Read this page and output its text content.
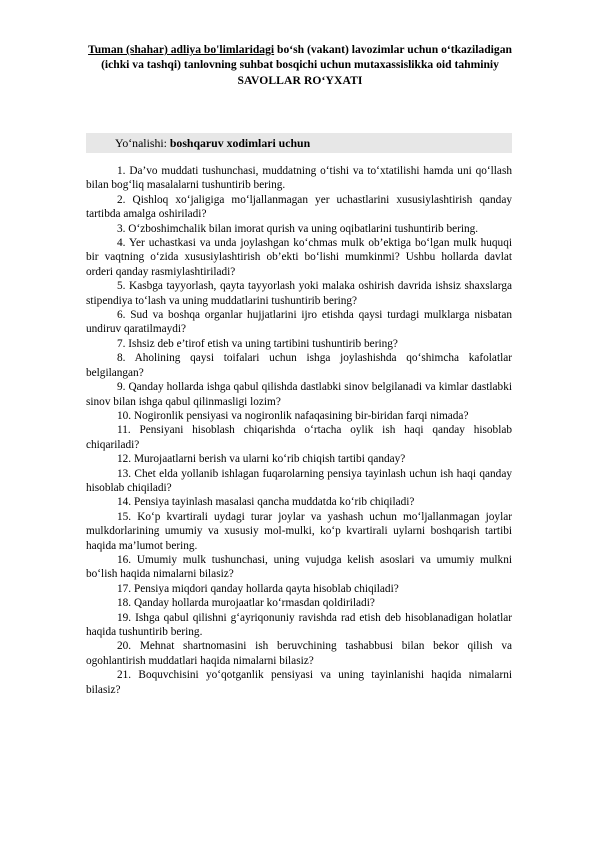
Tuman (shahar) adliya bo'limlaridagi bo‘sh (vakant) lavozimlar uchun o‘tkaziladigan (ichki va tashqi) tanlovning suhbat bosqichi uchun mutaxassislikka oid tahminiy
SAVOLLAR RO‘YXATI
Yo‘nalishi: boshqaruv xodimlari uchun

1. Da’vo muddati tushunchasi, muddatning o‘tishi va to‘xtatilishi hamda uni qo‘llash bilan bog‘liq masalalarni tushuntirib bering.

2. Qishloq xo‘jaligiga mo‘ljallanmagan yer uchastlarini xususiylashtirish qanday tartibda amalga oshiriladi?

3. O‘zboshimchalik bilan imorat qurish va uning oqibatlarini tushuntirib bering.

4. Yer uchastkasi va unda joylashgan ko‘chmas mulk ob’ektiga bo‘lgan mulk huquqi bir vaqtning o‘zida xususiylashtirish ob’ekti bo‘lishi mumkinmi? Ushbu hollarda davlat orderi qanday rasmiylashtiriladi?

5. Kasbga tayyorlash, qayta tayyorlash yoki malaka oshirish davrida ishsiz shaxslarga stipendiya to‘lash va uning muddatlarini tushuntirib bering?

6. Sud va boshqa organlar hujjatlarini ijro etishda qaysi turdagi mulklarga nisbatan undiruv qaratilmaydi?

7. Ishsiz deb e’tirof etish va uning tartibini tushuntirib bering?

8. Aholining qaysi toifalari uchun ishga joylashishda qo‘shimcha kafolatlar belgilangan?

9. Qanday hollarda ishga qabul qilishda dastlabki sinov belgilanadi va kimlar dastlabki sinov bilan ishga qabul qilinmasligi lozim?

10. Nogironlik pensiyasi va nogironlik nafaqasining bir-biridan farqi nimada?

11. Pensiyani hisoblash chiqarishda o‘rtacha oylik ish haqi qanday hisoblab chiqariladi?

12. Murojaatlarni berish va ularni ko‘rib chiqish tartibi qanday?

13. Chet elda yollanib ishlagan fuqarolarning pensiya tayinlash uchun ish haqi qanday hisoblab chiqiladi?

14. Pensiya tayinlash masalasi qancha muddatda ko‘rib chiqiladi?

15. Ko‘p kvartirali uydagi turar joylar va yashash uchun mo‘ljallanmagan joylar mulkdorlarining umumiy va xususiy mol-mulki, ko‘p kvartirali uylarni boshqarish tartibi haqida ma’lumot bering.

16. Umumiy mulk tushunchasi, uning vujudga kelish asoslari va umumiy mulkni bo‘lish haqida nimalarni bilasiz?

17. Pensiya miqdori qanday hollarda qayta hisoblab chiqiladi?

18. Qanday hollarda murojaatlar ko‘rmasdan qoldiriladi?

19. Ishga qabul qilishni g‘ayriqonuniy ravishda rad etish deb hisoblanadigan holatlar haqida tushuntirib bering.

20. Mehnat shartnomasini ish beruvchining tashabbusi bilan bekor qilish va ogohlantirish muddatlari haqida nimalarni bilasiz?

21. Boquvchisini yo‘qotganlik pensiyasi va uning tayinlanishi haqida nimalarni bilasiz?
